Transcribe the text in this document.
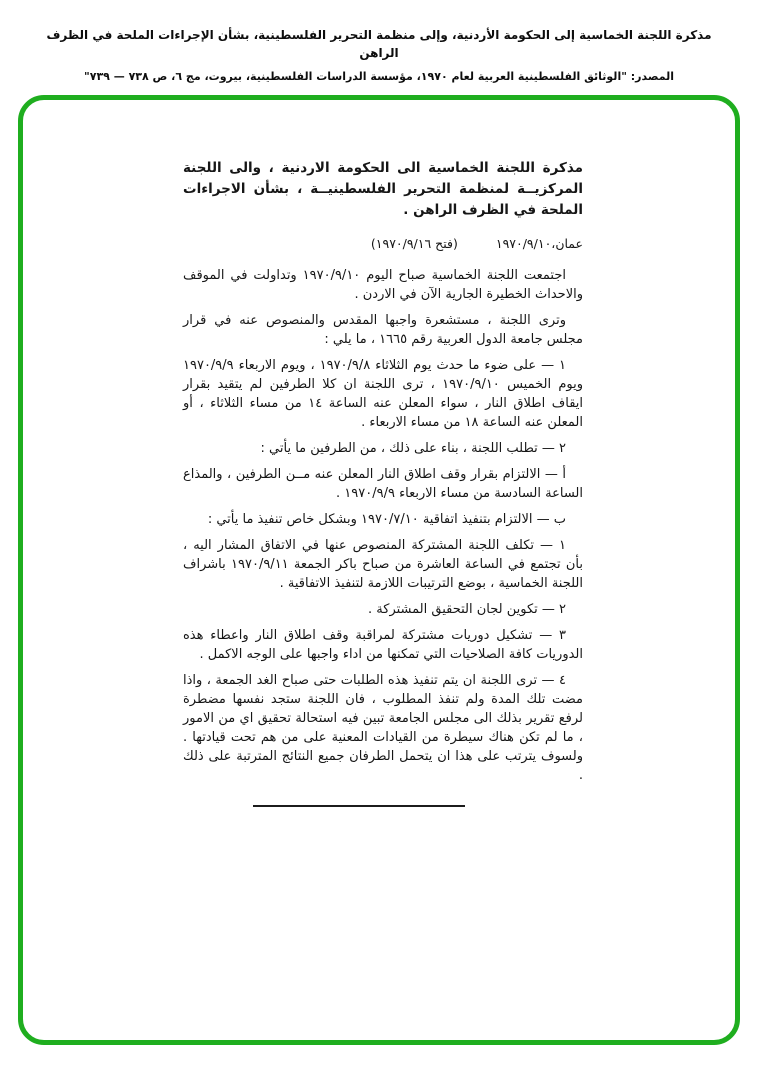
مذكرة اللجنة الخماسية إلى الحكومة الأردنية، وإلى منظمة التحرير الفلسطينية، بشأن الإجراءات الملحة في الظرف الراهن
المصدر: "الوثائق الفلسطينية العربية لعام ١٩٧٠، مؤسسة الدراسات الفلسطينية، بيروت، مج ٦، ص ٧٣٨ — ٧٣٩"
مذكرة اللجنة الخماسية الى الحكومة الاردنية ، والى اللجنة المركزيــة لمنظمة التحرير الفلسطينيــة ، بشأن الاجراءات الملحة في الظرف الراهن .
عمان،١٩٧٠/٩/١٠ (فتح ١٩٧٠/٩/١٦)

اجتمعت اللجنة الخماسية صباح اليوم ١٩٧٠/٩/١٠ وتداولت في الموقف والاحداث الخطيرة الجارية الآن في الاردن .

وترى اللجنة ، مستشعرة واجبها المقدس والمنصوص عنه في قرار مجلس جامعة الدول العربية رقم ١٦٦٥ ، ما يلي :

١ — على ضوء ما حدث يوم الثلاثاء ١٩٧٠/٩/٨ ، ويوم الاربعاء ١٩٧٠/٩/٩ ويوم الخميس ١٩٧٠/٩/١٠ ، ترى اللجنة ان كلا الطرفين لم يتقيد بقرار ايقاف اطلاق النار ، سواء المعلن عنه الساعة ١٤ من مساء الثلاثاء ، أو المعلن عنه الساعة ١٨ من مساء الاربعاء .

٢ — تطلب اللجنة ، بناء على ذلك ، من الطرفين ما يأتي :

أ — الالتزام بقرار وقف اطلاق النار المعلن عنه مــن الطرفين ، والمذاع الساعة السادسة من مساء الاربعاء ١٩٧٠/٩/٩ .

ب — الالتزام بتنفيذ اتفاقية ١٩٧٠/٧/١٠ وبشكل خاص تنفيذ ما يأتي :

١ — تكلف اللجنة المشتركة المنصوص عنها في الاتفاق المشار اليه ، بأن تجتمع في الساعة العاشرة من صباح باكر الجمعة ١٩٧٠/٩/١١ باشراف اللجنة الخماسية ، بوضع الترتيبات اللازمة لتنفيذ الاتفاقية .

٢ — تكوين لجان التحقيق المشتركة .

٣ — تشكيل دوريات مشتركة لمراقبة وقف اطلاق النار واعطاء هذه الدوريات كافة الصلاحيات التي تمكنها من اداء واجبها على الوجه الاكمل .

٤ — ترى اللجنة ان يتم تنفيذ هذه الطلبات حتى صباح الغد الجمعة ، واذا مضت تلك المدة ولم تنفذ المطلوب ، فان اللجنة ستجد نفسها مضطرة لرفع تقرير بذلك الى مجلس الجامعة تبين فيه استحالة تحقيق اي من الامور ، ما لم تكن هناك سيطرة من القيادات المعنية على من هم تحت قيادتها . ولسوف يترتب على هذا ان يتحمل الطرفان جميع النتائج المترتبة على ذلك .
